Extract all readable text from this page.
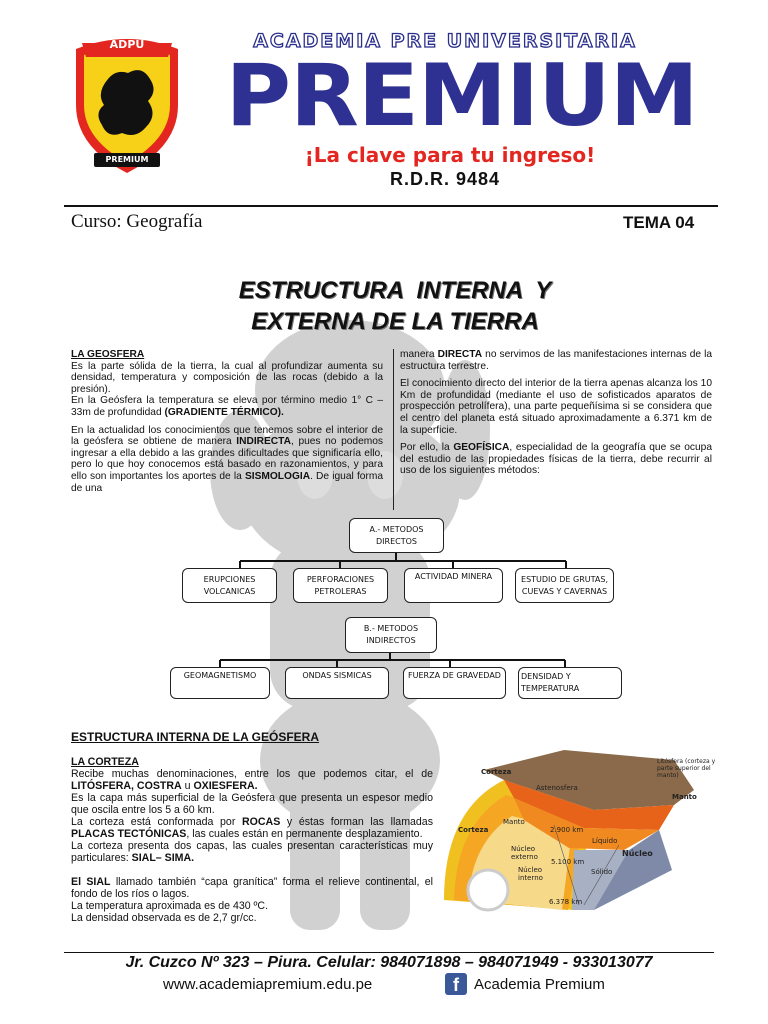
ADPU
PREMIUM
ACADEMIA PRE UNIVERSITARIA
PREMIUM
¡La clave para tu ingreso!
R.D.R. 9484
Curso: Geografía	TEMA 04
ESTRUCTURA  INTERNA  Y
EXTERNA DE LA TIERRA
LA GEOSFERA

Es la parte sólida de la tierra, la cual al profundizar aumenta su densidad, temperatura y composición de las rocas (debido a la presión).

En la Geósfera la temperatura se eleva por término medio 1° C – 33m de profundidad (GRADIENTE TÉRMICO).

En la actualidad los conocimientos que tenemos sobre el interior de la geósfera se obtiene de manera INDIRECTA, pues no podemos ingresar a ella debido a las grandes dificultades que significaría ello, pero lo que hoy conocemos está basado en razonamientos, y para ello son importantes los aportes de la SISMOLOGIA. De igual forma de una

manera DIRECTA no servimos de las manifestaciones internas de la estructura terrestre.

El conocimiento directo del interior de la tierra apenas alcanza los 10 Km de profundidad (mediante el uso de sofisticados aparatos de prospección petrolífera), una parte pequeñísima si se considera que el centro del planeta está situado aproximadamente a 6.371 km de la superficie.

Por ello, la GEOFÍSICA, especialidad de la geografía que se ocupa del estudio de las propiedades físicas de la tierra, debe recurrir al uso de los siguientes métodos:

A.- METODOS DIRECTOS
ERUPCIONES VOLCANICAS
PERFORACIONES PETROLERAS
ACTIVIDAD MINERA	ESTUDIO DE GRUTAS, CUEVAS Y CAVERNAS
B.- METODOS INDIRECTOS
GEOMAGNETISMO	ONDAS SISMICAS	FUERZA DE GRAVEDAD	DENSIDAD Y TEMPERATURA
ESTRUCTURA INTERNA DE LA GEÓSFERA
LA CORTEZA

Recibe muchas denominaciones, entre los que podemos citar, el de LITÓSFERA, COSTRA u OXIESFERA.

Es la capa más superficial de la Geósfera que presenta un espesor medio que oscila entre los 5 a 60 km.

La corteza está conformada por ROCAS y éstas forman las llamadas PLACAS TECTÓNICAS, las cuales están en permanente desplazamiento.

La corteza presenta dos capas, las cuales presentan características muy particulares: SIAL– SIMA.

El SIAL llamado también “capa granítica” forma el relieve continental, el fondo de los ríos o lagos.

La temperatura aproximada es de 430 ºC.

La densidad observada es de 2,7 gr/cc.

Corteza
Litósfera (corteza y parte superior del manto)
Astenosfera
Manto
Corteza
Manto
2.900 km
Líquido
Núcleo externo	Núcleo
5.100 km
Sólido
Núcleo interno
6.378 km
Jr. Cuzco Nº 323 – Piura. Celular: 984071898 – 984071949 - 933013077
www.academiapremium.edu.pe	f	Academia Premium
